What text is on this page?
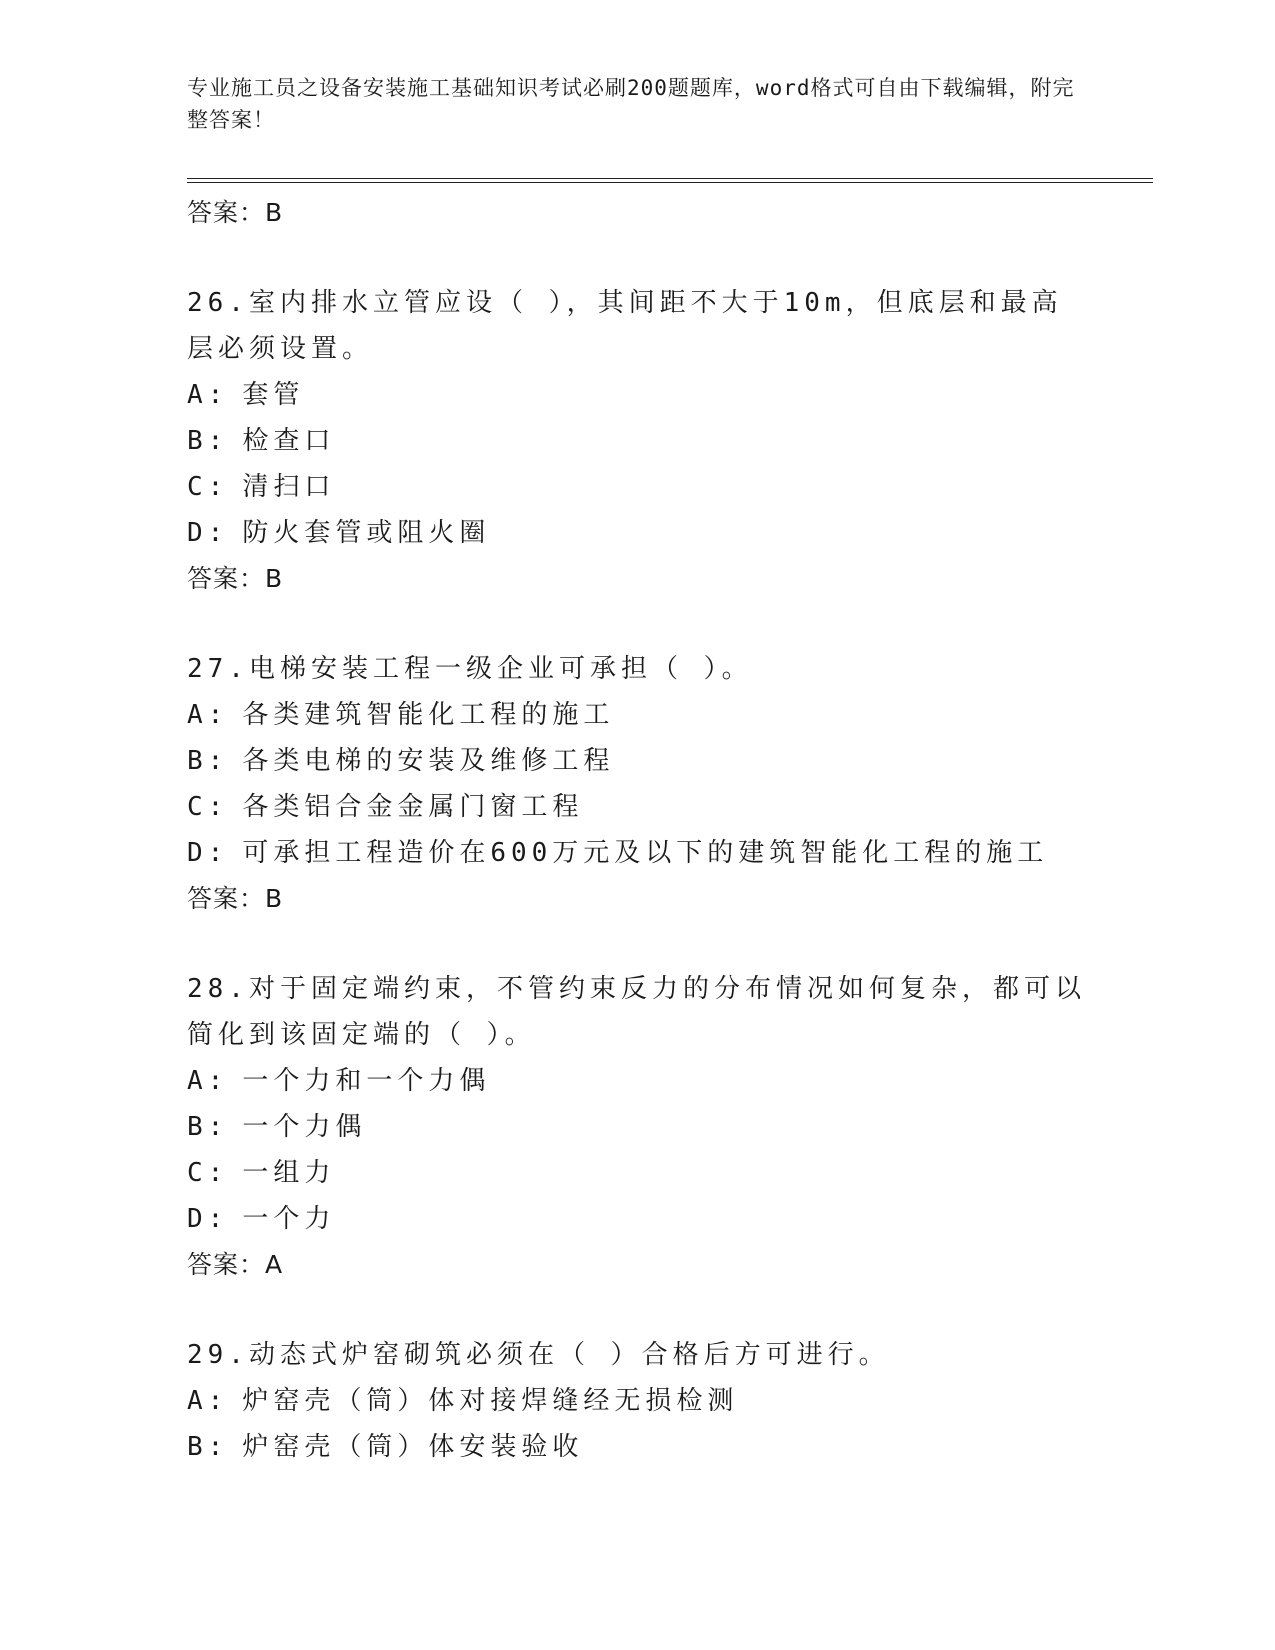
专业施工员之设备安装施工基础知识考试必刷200题题库，word格式可自由下载编辑，附完整答案！

答案：B

26.室内排水立管应设（ ），其间距不大于10m，但底层和最高层必须设置。

A: 套管

B: 检查口

C: 清扫口

D: 防火套管或阻火圈

答案：B

27.电梯安装工程一级企业可承担（ ）。

A: 各类建筑智能化工程的施工

B: 各类电梯的安装及维修工程

C: 各类铝合金金属门窗工程

D: 可承担工程造价在600万元及以下的建筑智能化工程的施工

答案：B

28.对于固定端约束，不管约束反力的分布情况如何复杂，都可以简化到该固定端的（ ）。

A: 一个力和一个力偶

B: 一个力偶

C: 一组力

D: 一个力

答案：A

29.动态式炉窑砌筑必须在（ ）合格后方可进行。

A: 炉窑壳（筒）体对接焊缝经无损检测

B: 炉窑壳（筒）体安装验收
